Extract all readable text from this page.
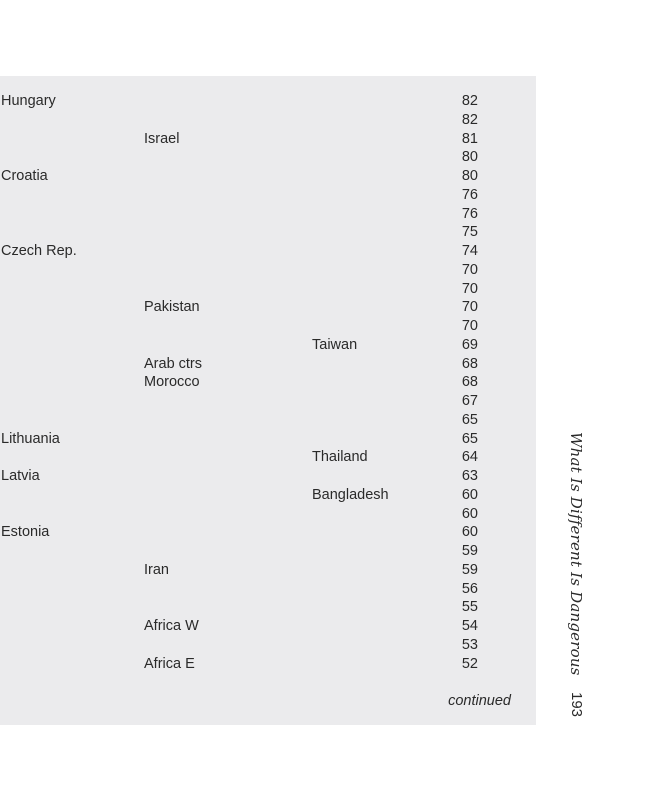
Hungary	82
82
Israel	81
80
Croatia	80
76
76
75
Czech Rep.	74
70
70
Pakistan	70
70
Taiwan	69
Arab ctrs	68
Morocco	68
67
65
Lithuania	65
Thailand	64
Latvia	63
Bangladesh	60
60
Estonia	60
59
Iran	59
56
55
Africa W	54
53
Africa E	52
continued
What Is Different Is Dangerous
193
